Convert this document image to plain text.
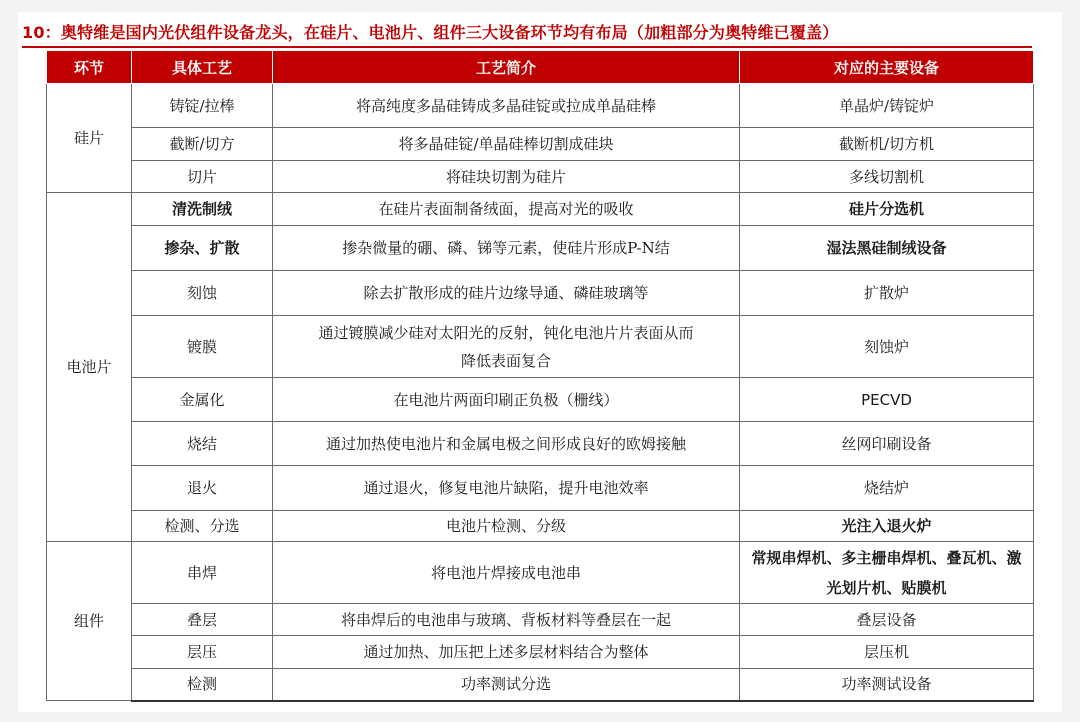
10：奥特维是国内光伏组件设备龙头，在硅片、电池片、组件三大设备环节均有布局（加粗部分为奥特维已覆盖）
环节	具体工艺	工艺简介	对应的主要设备
硅片	铸锭/拉棒	将高纯度多晶硅铸成多晶硅锭或拉成单晶硅棒	单晶炉/铸锭炉
	截断/切方	将多晶硅锭/单晶硅棒切割成硅块	截断机/切方机
	切片	将硅块切割为硅片	多线切割机
电池片	清洗制绒	在硅片表面制备绒面，提高对光的吸收	硅片分选机
	掺杂、扩散	掺杂微量的硼、磷、锑等元素，使硅片形成P-N结	湿法黑硅制绒设备
	刻蚀	除去扩散形成的硅片边缘导通、磷硅玻璃等	扩散炉
	镀膜	通过镀膜减少硅对太阳光的反射，钝化电池片片表面从而降低表面复合	刻蚀炉
	金属化	在电池片两面印刷正负极（栅线）	PECVD
	烧结	通过加热使电池片和金属电极之间形成良好的欧姆接触	丝网印刷设备
	退火	通过退火，修复电池片缺陷，提升电池效率	烧结炉
	检测、分选	电池片检测、分级	光注入退火炉
组件	串焊	将电池片焊接成电池串	常规串焊机、多主栅串焊机、叠瓦机、激光划片机、贴膜机
	叠层	将串焊后的电池串与玻璃、背板材料等叠层在一起	叠层设备
	层压	通过加热、加压把上述多层材料结合为整体	层压机
	检测	功率测试分选	功率测试设备
